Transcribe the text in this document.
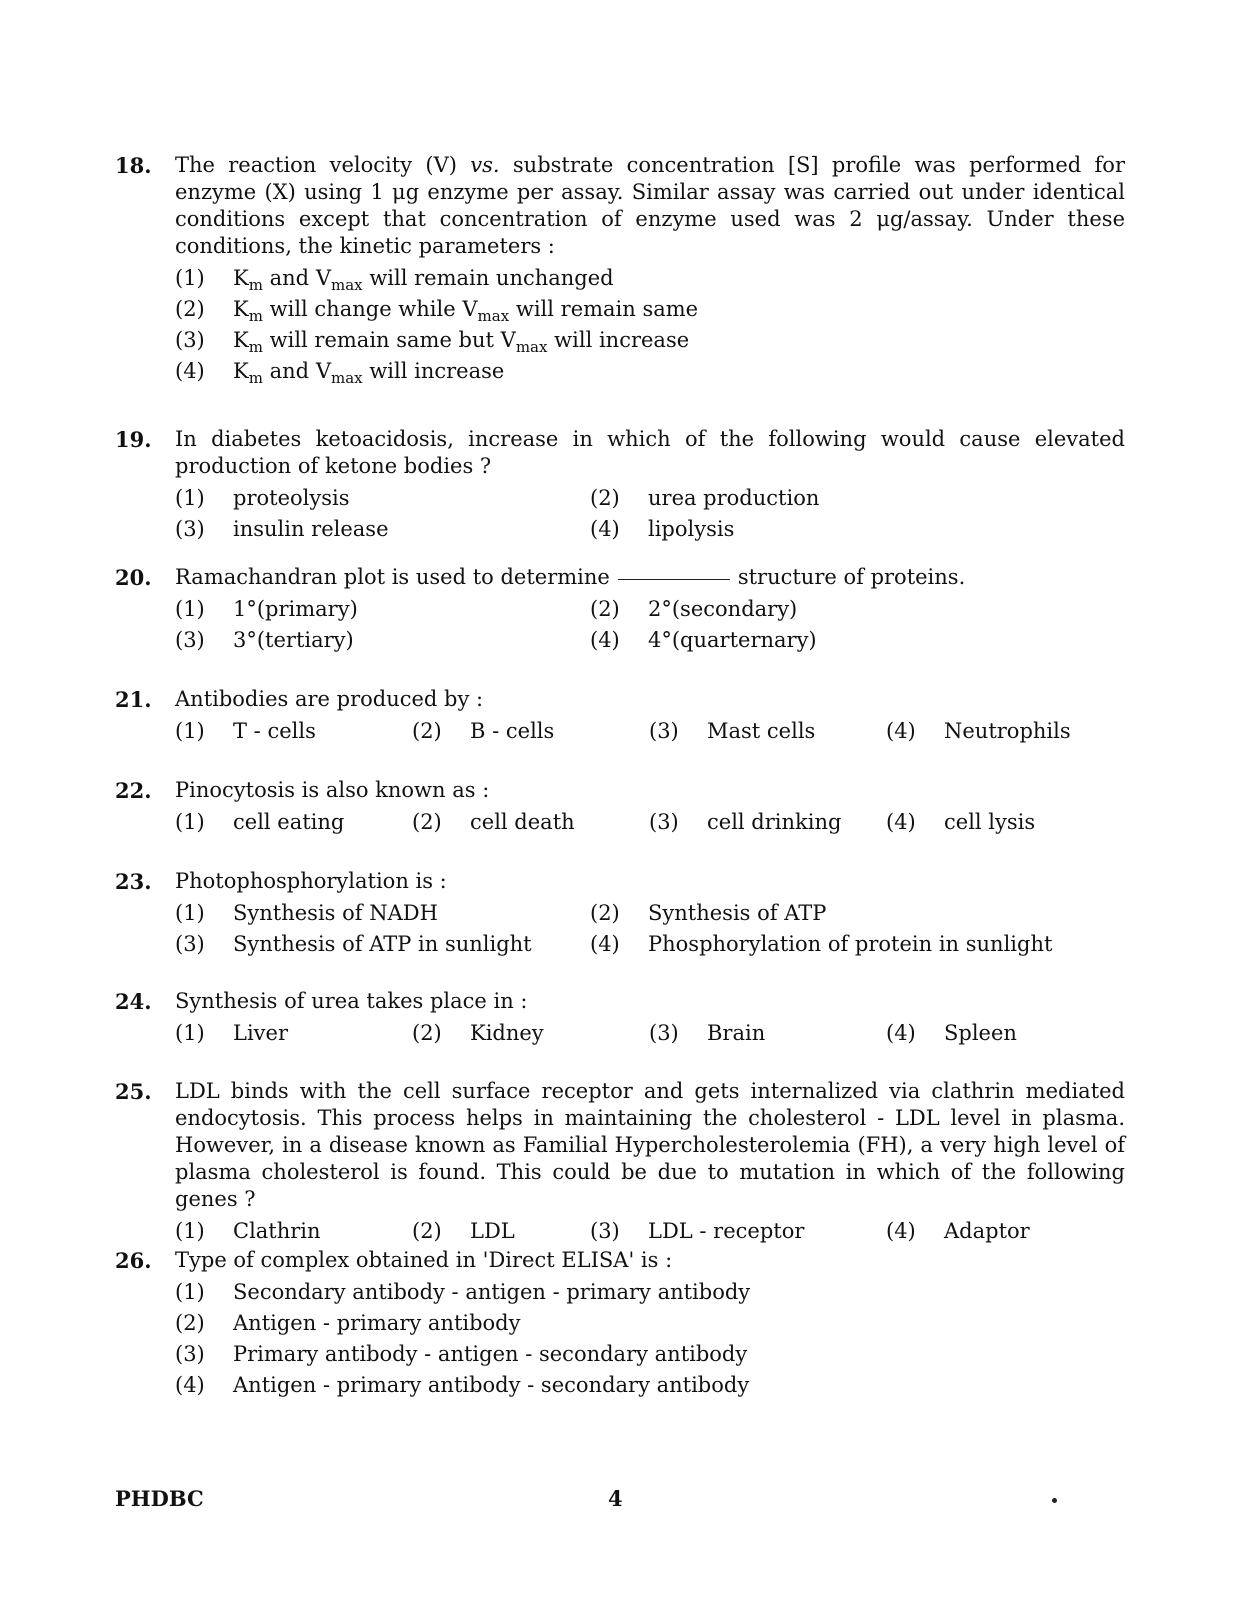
18.	The reaction velocity (V) vs. substrate concentration [S] profile was performed for enzyme (X) using 1 μg enzyme per assay. Similar assay was carried out under identical conditions except that concentration of enzyme used was 2 μg/assay. Under these conditions, the kinetic parameters :
(1)	$K_m$ and $V_{max}$ will remain unchanged
(2)	$K_m$ will change while $V_{max}$ will remain same
(3)	$K_m$ will remain same but $V_{max}$ will increase
(4)	$K_m$ and $V_{max}$ will increase
19.	In diabetes ketoacidosis, increase in which of the following would cause elevated production of ketone bodies ?
(1)	proteolysis	(2)	urea production
(3)	insulin release	(4)	lipolysis
20.	Ramachandran plot is used to determine	structure of proteins.
(1)	1°(primary)	(2)	2°(secondary)
(3)	3°(tertiary)	(4)	4°(quarternary)
21.	Antibodies are produced by :
(1)	T - cells	(2)	B - cells	(3)	Mast cells	(4)	Neutrophils
22.	Pinocytosis is also known as :
(1)	cell eating	(2)	cell death	(3)	cell drinking (4)	cell lysis
23.	Photophosphorylation is :
(1)	Synthesis of NADH	(2)	Synthesis of ATP
(3)	Synthesis of ATP in sunlight	(4)	Phosphorylation of protein in sunlight
24.	Synthesis of urea takes place in :
(1)	Liver	(2)	Kidney	(3)	Brain	(4)	Spleen
25.	LDL binds with the cell surface receptor and gets internalized via clathrin mediated endocytosis. This process helps in maintaining the cholesterol - LDL level in plasma. However, in a disease known as Familial Hypercholesterolemia (FH), a very high level of plasma cholesterol is found. This could be due to mutation in which of the following genes ?
(1)	Clathrin	(2)	LDL	(3)	LDL - receptor	(4)	Adaptor
26.	Type of complex obtained in 'Direct ELISA' is :
(1)	Secondary antibody - antigen - primary antibody
(2)	Antigen - primary antibody
(3)	Primary antibody - antigen - secondary antibody
(4)	Antigen - primary antibody - secondary antibody
PHDBC	4
